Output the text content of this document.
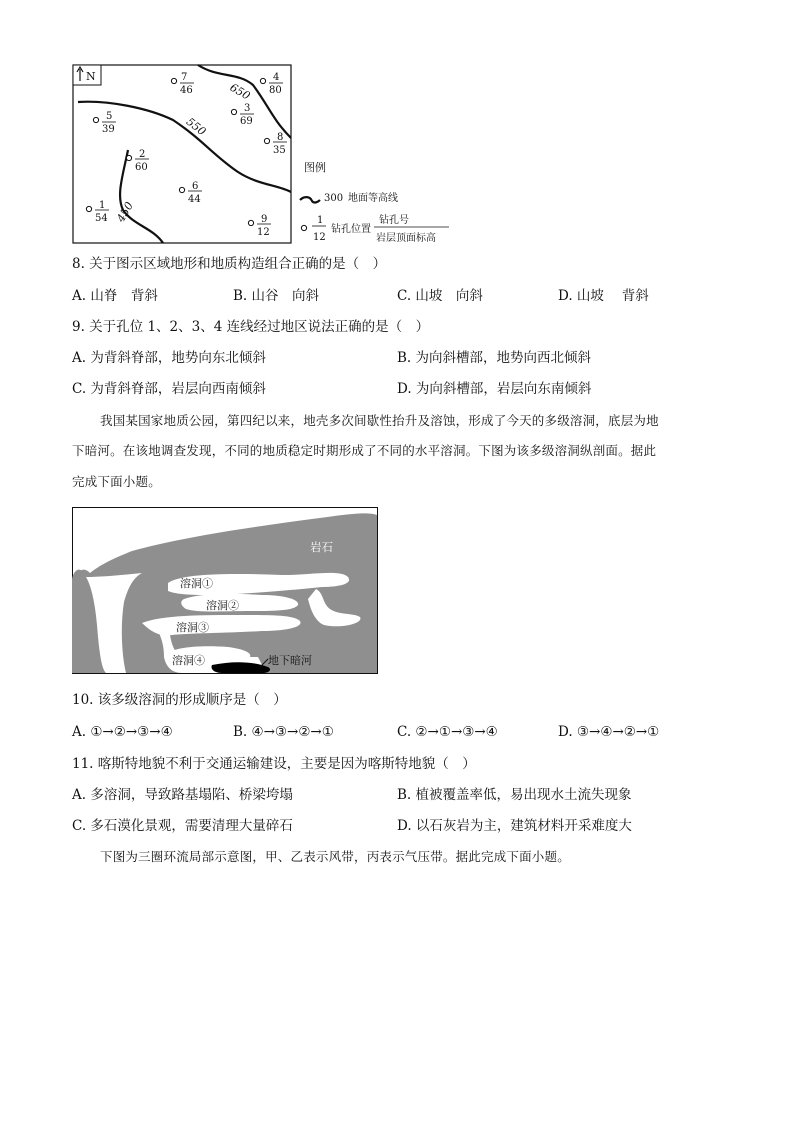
N
650
550
450
7
46
4
80
5
39
3
69
8
35
2
60
6
44
1
54	9
12
图例
300 地面等高线
1
12
钻孔位置
钻孔号
岩层顶面标高
8. 关于图示区域地形和地质构造组合正确的是（　）
A. 山脊　背斜	B. 山谷　向斜	C. 山坡　向斜	D. 山坡　 背斜
9. 关于孔位 1、2、3、4 连线经过地区说法正确的是（　）
A. 为背斜脊部，地势向东北倾斜	B. 为向斜槽部，地势向西北倾斜
C. 为背斜脊部，岩层向西南倾斜	D. 为向斜槽部，岩层向东南倾斜
我国某国家地质公园，第四纪以来，地壳多次间歇性抬升及溶蚀，形成了今天的多级溶洞，底层为地
下暗河。在该地调查发现，不同的地质稳定时期形成了不同的水平溶洞。下图为该多级溶洞纵剖面。据此
完成下面小题。
岩石
溶洞①
溶洞②
溶洞③
溶洞④	地下暗河
10. 该多级溶洞的形成顺序是（　）
A. ①→②→③→④	B. ④→③→②→①	C. ②→①→③→④	D. ③→④→②→①
11. 喀斯特地貌不利于交通运输建设，主要是因为喀斯特地貌（　）
A. 多溶洞，导致路基塌陷、桥梁垮塌	B. 植被覆盖率低，易出现水土流失现象
C. 多石漠化景观，需要清理大量碎石	D. 以石灰岩为主，建筑材料开采难度大
下图为三圈环流局部示意图，甲、乙表示风带，丙表示气压带。据此完成下面小题。
